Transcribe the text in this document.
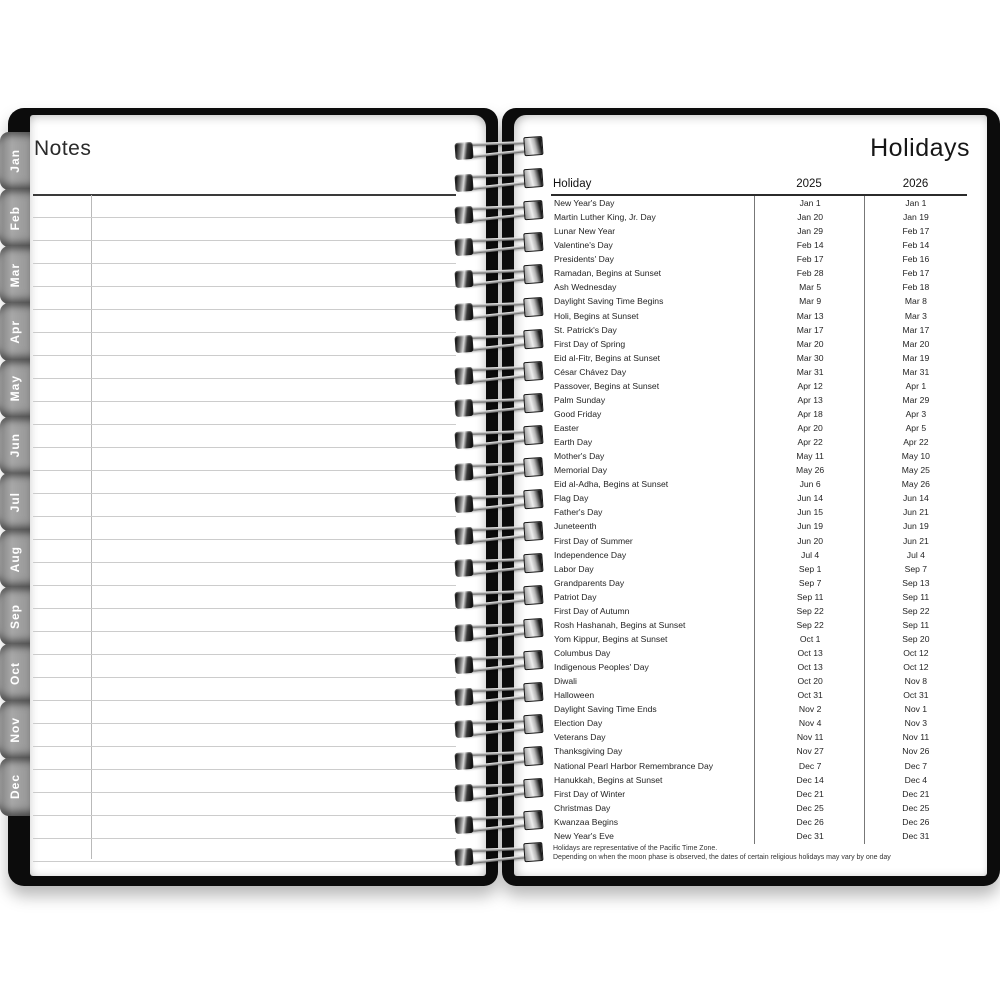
Jan
Feb
Mar
Apr
May
Jun
Jul
Aug
Sep
Oct
Nov
Dec
Notes	Holidays
Holiday	2025	2026
New Year's Day	Jan 1	Jan 1
Martin Luther King, Jr. Day	Jan 20	Jan 19
Lunar New Year	Jan 29	Feb 17
Valentine's Day	Feb 14	Feb 14
Presidents' Day	Feb 17	Feb 16
Ramadan, Begins at Sunset	Feb 28	Feb 17
Ash Wednesday	Mar 5	Feb 18
Daylight Saving Time Begins	Mar 9	Mar 8
Holi, Begins at Sunset	Mar 13	Mar 3
St. Patrick's Day	Mar 17	Mar 17
First Day of Spring	Mar 20	Mar 20
Eid al-Fitr, Begins at Sunset	Mar 30	Mar 19
César Chávez Day	Mar 31	Mar 31
Passover, Begins at Sunset	Apr 12	Apr 1
Palm Sunday	Apr 13	Mar 29
Good Friday	Apr 18	Apr 3
Easter	Apr 20	Apr 5
Earth Day	Apr 22	Apr 22
Mother's Day	May 11	May 10
Memorial Day	May 26	May 25
Eid al-Adha, Begins at Sunset	Jun 6	May 26
Flag Day	Jun 14	Jun 14
Father's Day	Jun 15	Jun 21
Juneteenth	Jun 19	Jun 19
First Day of Summer	Jun 20	Jun 21
Independence Day	Jul 4	Jul 4
Labor Day	Sep 1	Sep 7
Grandparents Day	Sep 7	Sep 13
Patriot Day	Sep 11	Sep 11
First Day of Autumn	Sep 22	Sep 22
Rosh Hashanah, Begins at Sunset	Sep 22	Sep 11
Yom Kippur, Begins at Sunset	Oct 1	Sep 20
Columbus Day	Oct 13	Oct 12
Indigenous Peoples' Day	Oct 13	Oct 12
Diwali	Oct 20	Nov 8
Halloween	Oct 31	Oct 31
Daylight Saving Time Ends	Nov 2	Nov 1
Election Day	Nov 4	Nov 3
Veterans Day	Nov 11	Nov 11
Thanksgiving Day	Nov 27	Nov 26
National Pearl Harbor Remembrance Day	Dec 7	Dec 7
Hanukkah, Begins at Sunset	Dec 14	Dec 4
First Day of Winter	Dec 21	Dec 21
Christmas Day	Dec 25	Dec 25
Kwanzaa Begins	Dec 26	Dec 26
New Year's Eve	Dec 31	Dec 31
Holidays are representative of the Pacific Time Zone.
Depending on when the moon phase is observed, the dates of certain religious holidays may vary by one day
